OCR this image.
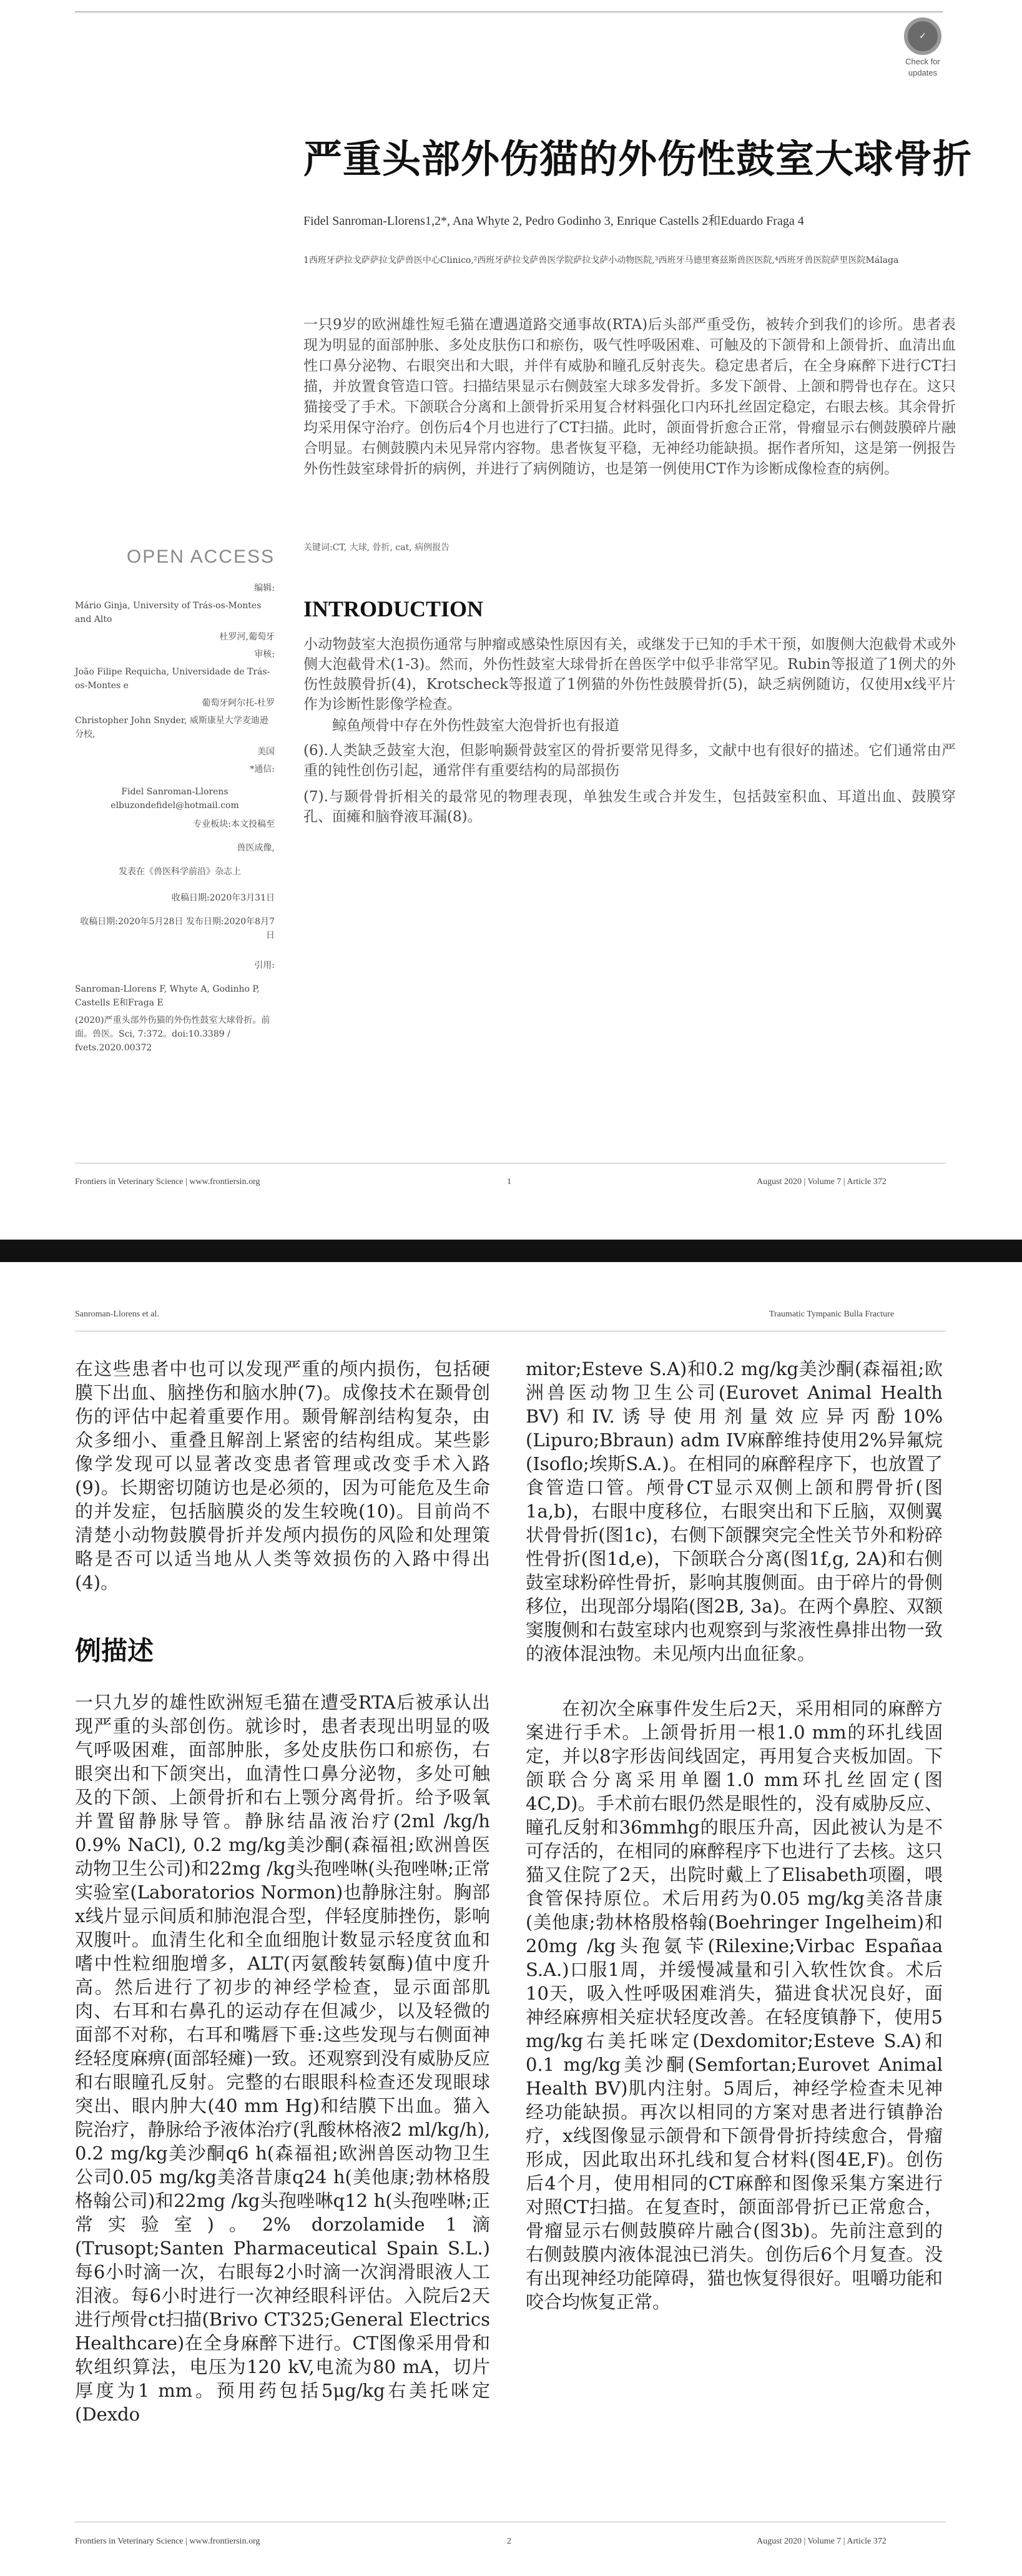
✓
Check for
updates
严重头部外伤猫的外伤性鼓室大球骨折
Fidel Sanroman-Llorens1,2*, Ana Whyte 2, Pedro Godinho 3, Enrique Castells 2和Eduardo Fraga 4
1西班牙萨拉戈萨萨拉戈萨兽医中心Clinico,²西班牙萨拉戈萨兽医学院萨拉戈萨小动物医院,³西班牙马德里赛兹斯兽医医院,⁴西班牙兽医院萨里医院Málaga
一只9岁的欧洲雄性短毛猫在遭遇道路交通事故(RTA)后头部严重受伤，被转介到我们的诊所。患者表现为明显的面部肿胀、多处皮肤伤口和瘀伤，吸气性呼吸困难、可触及的下颌骨和上颌骨折、血清出血性口鼻分泌物、右眼突出和大眼，并伴有威胁和瞳孔反射丧失。稳定患者后，在全身麻醉下进行CT扫描，并放置食管造口管。扫描结果显示右侧鼓室大球多发骨折。多发下颌骨、上颌和腭骨也存在。这只猫接受了手术。下颌联合分离和上颌骨折采用复合材料强化口内环扎丝固定稳定，右眼去核。其余骨折均采用保守治疗。创伤后4个月也进行了CT扫描。此时，颌面骨折愈合正常，骨瘤显示右侧鼓膜碎片融合明显。右侧鼓膜内未见异常内容物。患者恢复平稳，无神经功能缺损。据作者所知，这是第一例报告外伤性鼓室球骨折的病例，并进行了病例随访，也是第一例使用CT作为诊断成像检查的病例。
关键词:CT, 大球, 骨折, cat, 病例报告
OPEN ACCESS
编辑:
Mário Ginja, University of Trás-os-Montes and Alto
杜罗河,葡萄牙
审核:
João Filipe Requicha, Universidade de Trás-os-Montes e
葡萄牙阿尔托-杜罗
Christopher John Snyder, 威斯康星大学麦迪逊分校,
美国
*通信:
Fidel Sanroman-Llorens elbuzondefidel@hotmail.com
专业板块:本文投稿至
兽医成像,
发表在《兽医科学前沿》杂志上
收稿日期:2020年3月31日
收稿日期:2020年5月28日 发布日期:2020年8月7日
引用:
Sanroman-Llorens F, Whyte A, Godinho P, Castells E和Fraga E
(2020)严重头部外伤猫的外伤性鼓室大球骨折。前面。兽医。Sci, 7:372。doi:10.3389 / fvets.2020.00372
INTRODUCTION

小动物鼓室大泡损伤通常与肿瘤或感染性原因有关，或继发于已知的手术干预，如腹侧大泡截骨术或外侧大泡截骨术(1-3)。然而，外伤性鼓室大球骨折在兽医学中似乎非常罕见。Rubin等报道了1例犬的外伤性鼓膜骨折(4)，Krotscheck等报道了1例猫的外伤性鼓膜骨折(5)，缺乏病例随访，仅使用x线平片作为诊断性影像学检查。

鲸鱼颅骨中存在外伤性鼓室大泡骨折也有报道

(6).人类缺乏鼓室大泡，但影响颞骨鼓室区的骨折要常见得多，文献中也有很好的描述。它们通常由严重的钝性创伤引起，通常伴有重要结构的局部损伤

(7).与颞骨骨折相关的最常见的物理表现，单独发生或合并发生，包括鼓室积血、耳道出血、鼓膜穿孔、面瘫和脑脊液耳漏(8)。

Frontiers in Veterinary Science | www.frontiersin.org	1	August 2020 | Volume 7 | Article 372
Sanroman-Llorens et al.	Traumatic Tympanic Bulla Fracture
在这些患者中也可以发现严重的颅内损伤，包括硬膜下出血、脑挫伤和脑水肿(7)。成像技术在颞骨创伤的评估中起着重要作用。颞骨解剖结构复杂，由众多细小、重叠且解剖上紧密的结构组成。某些影像学发现可以显著改变患者管理或改变手术入路(9)。长期密切随访也是必须的，因为可能危及生命的并发症，包括脑膜炎的发生较晚(10)。目前尚不清楚小动物鼓膜骨折并发颅内损伤的风险和处理策略是否可以适当地从人类等效损伤的入路中得出(4)。
例描述
一只九岁的雄性欧洲短毛猫在遭受RTA后被承认出现严重的头部创伤。就诊时，患者表现出明显的吸气呼吸困难，面部肿胀，多处皮肤伤口和瘀伤，右眼突出和下颌突出，血清性口鼻分泌物，多处可触及的下颌、上颌骨折和右上颚分离骨折。给予吸氧并置留静脉导管。静脉结晶液治疗(2ml /kg/h 0.9% NaCl), 0.2 mg/kg美沙酮(森福祖;欧洲兽医动物卫生公司)和22mg /kg头孢唑啉(头孢唑啉;正常实验室(Laboratorios Normon)也静脉注射。胸部x线片显示间质和肺泡混合型，伴轻度肺挫伤，影响双腹叶。血清生化和全血细胞计数显示轻度贫血和嗜中性粒细胞增多，ALT(丙氨酸转氨酶)值中度升高。然后进行了初步的神经学检查，显示面部肌肉、右耳和右鼻孔的运动存在但减少，以及轻微的面部不对称，右耳和嘴唇下垂:这些发现与右侧面神经轻度麻痹(面部轻瘫)一致。还观察到没有威胁反应和右眼瞳孔反射。完整的右眼眼科检查还发现眼球突出、眼内肿大(40 mm Hg)和结膜下出血。猫入院治疗，静脉给予液体治疗(乳酸林格液2 ml/kg/h), 0.2 mg/kg美沙酮q6 h(森福祖;欧洲兽医动物卫生公司0.05 mg/kg美洛昔康q24 h(美他康;勃林格殷格翰公司)和22mg /kg头孢唑啉q12 h(头孢唑啉;正常实验室)。2% dorzolamide 1滴(Trusopt;Santen Pharmaceutical Spain S.L.)每6小时滴一次，右眼每2小时滴一次润滑眼液人工泪液。每6小时进行一次神经眼科评估。入院后2天进行颅骨ct扫描(Brivo CT325;General Electrics Healthcare)在全身麻醉下进行。CT图像采用骨和软组织算法，电压为120 kV,电流为80 mA，切片厚度为1 mm。预用药包括5μg/kg右美托咪定(Dexdo
mitor;Esteve S.A)和0.2 mg/kg美沙酮(森福祖;欧洲兽医动物卫生公司(Eurovet Animal Health BV)和IV.诱导使用剂量效应异丙酚10% (Lipuro;Bbraun) adm IV麻醉维持使用2%异氟烷(Isoflo;埃斯S.A.)。在相同的麻醉程序下，也放置了食管造口管。颅骨CT显示双侧上颌和腭骨折(图1a,b)，右眼中度移位，右眼突出和下丘脑，双侧翼状骨骨折(图1c)，右侧下颌髁突完全性关节外和粉碎性骨折(图1d,e)，下颌联合分离(图1f,g, 2A)和右侧鼓室球粉碎性骨折，影响其腹侧面。由于碎片的骨侧移位，出现部分塌陷(图2B, 3a)。在两个鼻腔、双额窦腹侧和右鼓室球内也观察到与浆液性鼻排出物一致的液体混浊物。未见颅内出血征象。
在初次全麻事件发生后2天，采用相同的麻醉方案进行手术。上颌骨折用一根1.0 mm的环扎线固定，并以8字形齿间线固定，再用复合夹板加固。下颌联合分离采用单圈1.0 mm环扎丝固定(图4C,D)。手术前右眼仍然是眼性的，没有威胁反应、瞳孔反射和36mmhg的眼压升高，因此被认为是不可存活的，在相同的麻醉程序下也进行了去核。这只猫又住院了2天，出院时戴上了Elisabeth项圈，喂食管保持原位。术后用药为0.05 mg/kg美洛昔康(美他康;勃林格殷格翰(Boehringer Ingelheim)和20mg /kg头孢氨苄(Rilexine;Virbac Españaa S.A.)口服1周，并缓慢减量和引入软性饮食。术后10天，吸入性呼吸困难消失，猫进食状况良好，面神经麻痹相关症状轻度改善。在轻度镇静下，使用5 mg/kg右美托咪定(Dexdomitor;Esteve S.A)和0.1 mg/kg美沙酮(Semfortan;Eurovet Animal Health BV)肌内注射。5周后，神经学检查未见神经功能缺损。再次以相同的方案对患者进行镇静治疗，x线图像显示颌骨和下颌骨骨折持续愈合，骨瘤形成，因此取出环扎线和复合材料(图4E,F)。创伤后4个月，使用相同的CT麻醉和图像采集方案进行对照CT扫描。在复查时，颌面部骨折已正常愈合，骨瘤显示右侧鼓膜碎片融合(图3b)。先前注意到的右侧鼓膜内液体混浊已消失。创伤后6个月复查。没有出现神经功能障碍，猫也恢复得很好。咀嚼功能和咬合均恢复正常。
Frontiers in Veterinary Science | www.frontiersin.org	2	August 2020 | Volume 7 | Article 372
